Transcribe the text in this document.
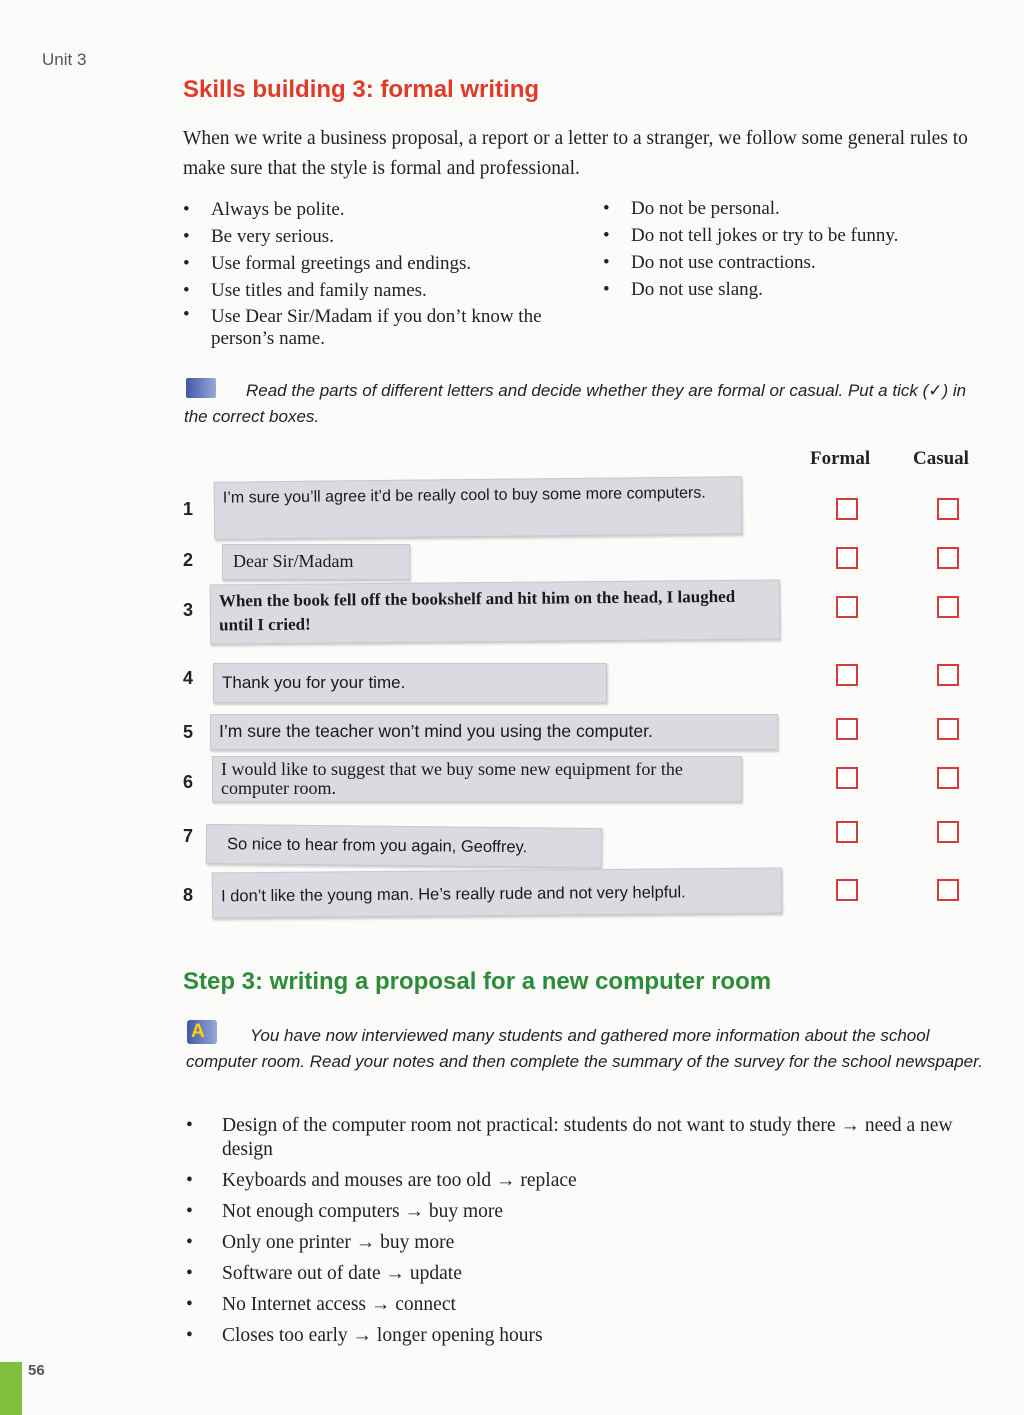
Unit 3
Skills building 3: formal writing
When we write a business proposal, a report or a letter to a stranger, we follow some general rules to make sure that the style is formal and professional.
• Always be polite.
• Be very serious.
• Use formal greetings and endings.
• Use titles and family names.
• Use Dear Sir/Madam if you don’t know the person’s name.
• Do not be personal.
• Do not tell jokes or try to be funny.
• Do not use contractions.
• Do not use slang.
Read the parts of different letters and decide whether they are formal or casual. Put a tick (✓) in the correct boxes.
Formal Casual
1
I’m sure you’ll agree it’d be really cool to buy some more computers.
2	Dear Sir/Madam
3	When the book fell off the bookshelf and hit him on the head, I laughed until I cried!
4	Thank you for your time.
5	I’m sure the teacher won’t mind you using the computer.
6
I would like to suggest that we buy some new equipment for the computer room.
7	So nice to hear from you again, Geoffrey.
8	I don’t like the young man. He’s really rude and not very helpful.
Step 3: writing a proposal for a new computer room
A	You have now interviewed many students and gathered more information about the school computer room. Read your notes and then complete the summary of the survey for the school newspaper.
• Design of the computer room not practical: students do not want to study there → need a new design
• Keyboards and mouses are too old → replace
• Not enough computers → buy more
• Only one printer → buy more
• Software out of date → update
• No Internet access → connect
• Closes too early → longer opening hours
56
